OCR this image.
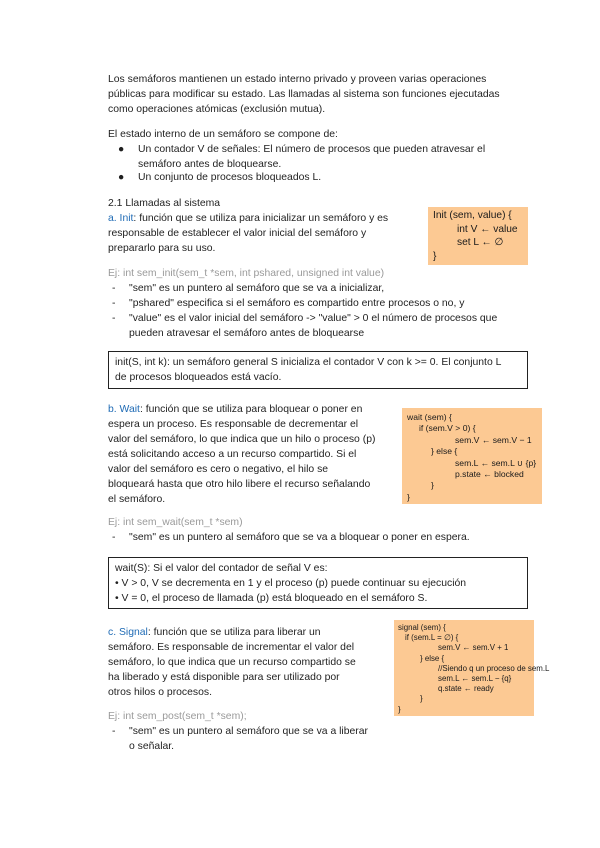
Los semáforos mantienen un estado interno privado y proveen varias operaciones
públicas para modificar su estado. Las llamadas al sistema son funciones ejecutadas
como operaciones atómicas (exclusión mutua).
El estado interno de un semáforo se compone de:
● Un contador V de señales: El número de procesos que pueden atravesar el
semáforo antes de bloquearse.
● Un conjunto de procesos bloqueados L.
2.1 Llamadas al sistema
a. Init: función que se utiliza para inicializar un semáforo y es
responsable de establecer el valor inicial del semáforo y
prepararlo para su uso.
Init (sem, value) {
int V ← value
set L ← ∅
}
Ej: int sem_init(sem_t *sem, int pshared, unsigned int value)
- "sem" es un puntero al semáforo que se va a inicializar,
- "pshared" especifica si el semáforo es compartido entre procesos o no, y
- "value" es el valor inicial del semáforo -> "value" > 0 el número de procesos que
pueden atravesar el semáforo antes de bloquearse
init(S, int k): un semáforo general S inicializa el contador V con k >= 0. El conjunto L
de procesos bloqueados está vacío.
b. Wait: función que se utiliza para bloquear o poner en
espera un proceso. Es responsable de decrementar el
valor del semáforo, lo que indica que un hilo o proceso (p)
está solicitando acceso a un recurso compartido. Si el
valor del semáforo es cero o negativo, el hilo se
bloqueará hasta que otro hilo libere el recurso señalando
el semáforo.
wait (sem) {
if (sem.V > 0) {
sem.V ← sem.V − 1
} else {
sem.L ← sem.L ∪ {p}
p.state ← blocked
}
}
Ej: int sem_wait(sem_t *sem)
- "sem" es un puntero al semáforo que se va a bloquear o poner en espera.
wait(S): Si el valor del contador de señal V es:
• V > 0, V se decrementa en 1 y el proceso (p) puede continuar su ejecución
• V = 0, el proceso de llamada (p) está bloqueado en el semáforo S.
c. Signal: función que se utiliza para liberar un
semáforo. Es responsable de incrementar el valor del
semáforo, lo que indica que un recurso compartido se
ha liberado y está disponible para ser utilizado por
otros hilos o procesos.
signal (sem) {
if (sem.L = ∅) {
sem.V ← sem.V + 1
} else {
//Siendo q un proceso de sem.L
sem.L ← sem.L − {q}
q.state ← ready
}
}
Ej: int sem_post(sem_t *sem);
- "sem" es un puntero al semáforo que se va a liberar
o señalar.
